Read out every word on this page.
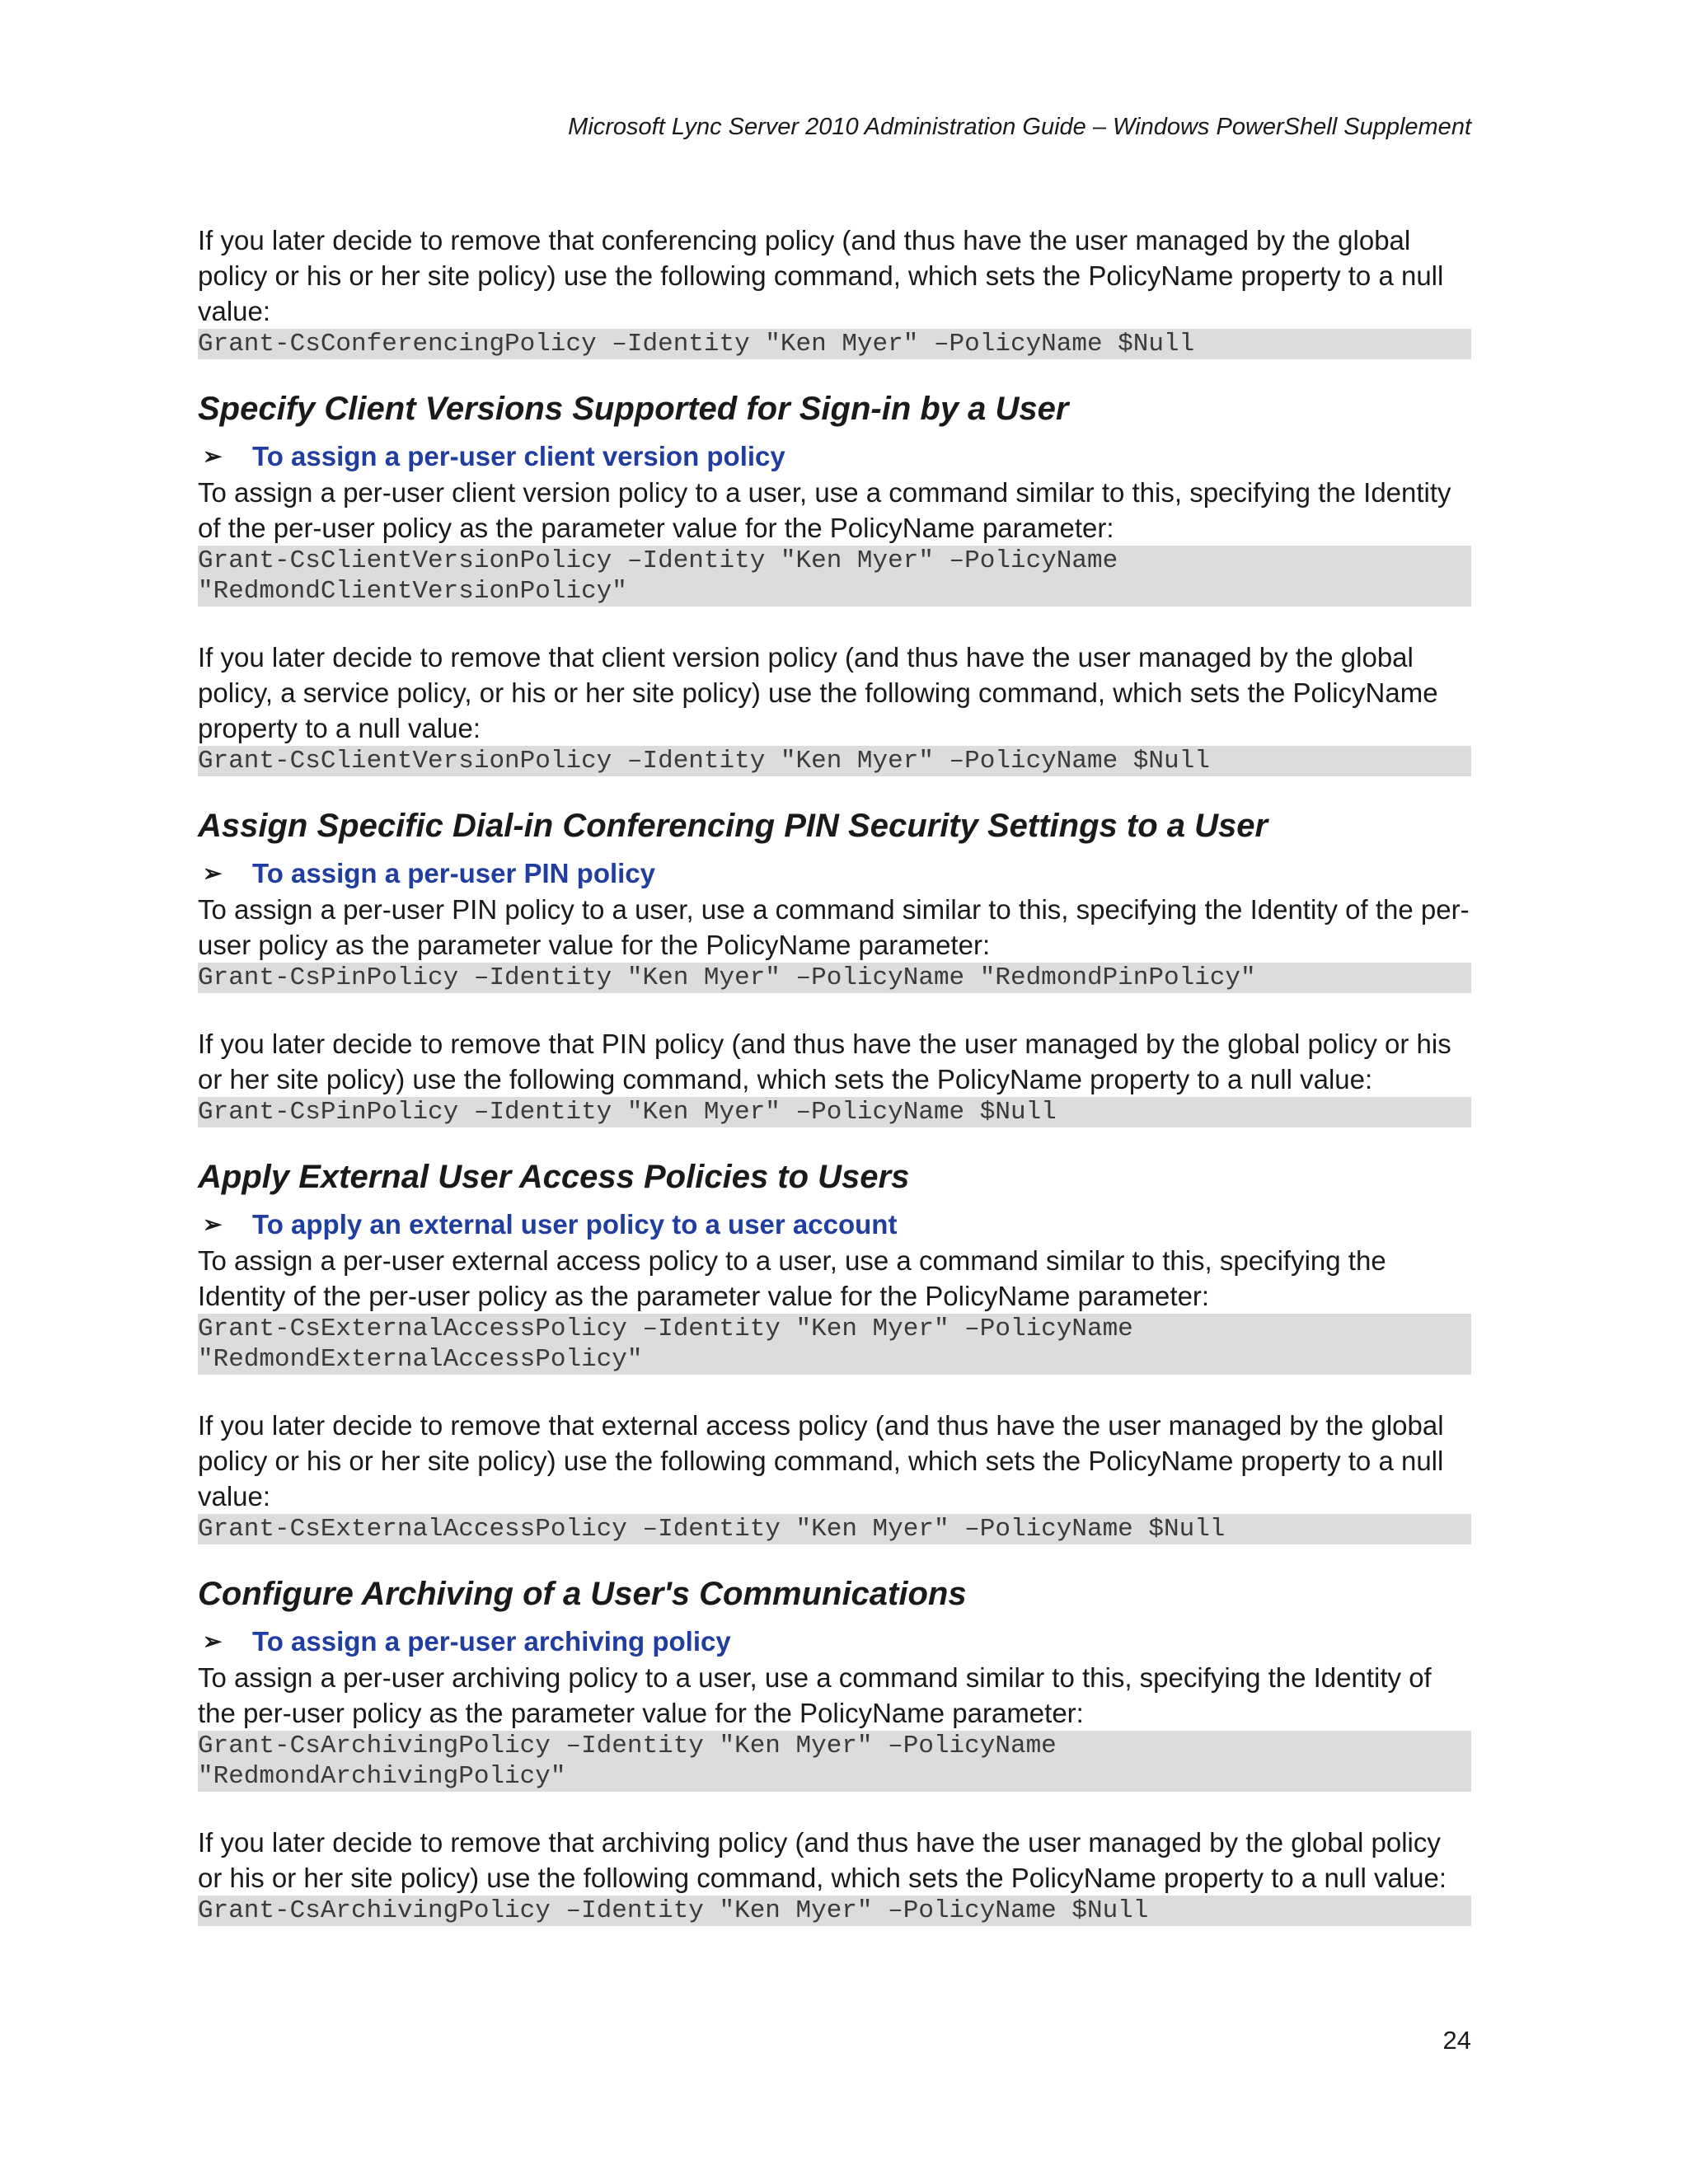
Microsoft Lync Server 2010 Administration Guide – Windows PowerShell Supplement

If you later decide to remove that conferencing policy (and thus have the user managed by the global policy or his or her site policy) use the following command, which sets the PolicyName property to a null value:

Grant-CsConferencingPolicy –Identity "Ken Myer" –PolicyName $Null
Specify Client Versions Supported for Sign-in by a User
➢	To assign a per-user client version policy

To assign a per-user client version policy to a user, use a command similar to this, specifying the Identity of the per-user policy as the parameter value for the PolicyName parameter:

Grant-CsClientVersionPolicy –Identity "Ken Myer" –PolicyName
"RedmondClientVersionPolicy"

If you later decide to remove that client version policy (and thus have the user managed by the global policy, a service policy, or his or her site policy) use the following command, which sets the PolicyName property to a null value:

Grant-CsClientVersionPolicy –Identity "Ken Myer" –PolicyName $Null
Assign Specific Dial-in Conferencing PIN Security Settings to a User
➢	To assign a per-user PIN policy

To assign a per-user PIN policy to a user, use a command similar to this, specifying the Identity of the per-user policy as the parameter value for the PolicyName parameter:

Grant-CsPinPolicy –Identity "Ken Myer" –PolicyName "RedmondPinPolicy"

If you later decide to remove that PIN policy (and thus have the user managed by the global policy or his or her site policy) use the following command, which sets the PolicyName property to a null value:

Grant-CsPinPolicy –Identity "Ken Myer" –PolicyName $Null
Apply External User Access Policies to Users
➢	To apply an external user policy to a user account

To assign a per-user external access policy to a user, use a command similar to this, specifying the Identity of the per-user policy as the parameter value for the PolicyName parameter:

Grant-CsExternalAccessPolicy –Identity "Ken Myer" –PolicyName
"RedmondExternalAccessPolicy"

If you later decide to remove that external access policy (and thus have the user managed by the global policy or his or her site policy) use the following command, which sets the PolicyName property to a null value:

Grant-CsExternalAccessPolicy –Identity "Ken Myer" –PolicyName $Null
Configure Archiving of a User's Communications
➢	To assign a per-user archiving policy

To assign a per-user archiving policy to a user, use a command similar to this, specifying the Identity of the per-user policy as the parameter value for the PolicyName parameter:

Grant-CsArchivingPolicy –Identity "Ken Myer" –PolicyName
"RedmondArchivingPolicy"

If you later decide to remove that archiving policy (and thus have the user managed by the global policy or his or her site policy) use the following command, which sets the PolicyName property to a null value:

Grant-CsArchivingPolicy –Identity "Ken Myer" –PolicyName $Null
24
